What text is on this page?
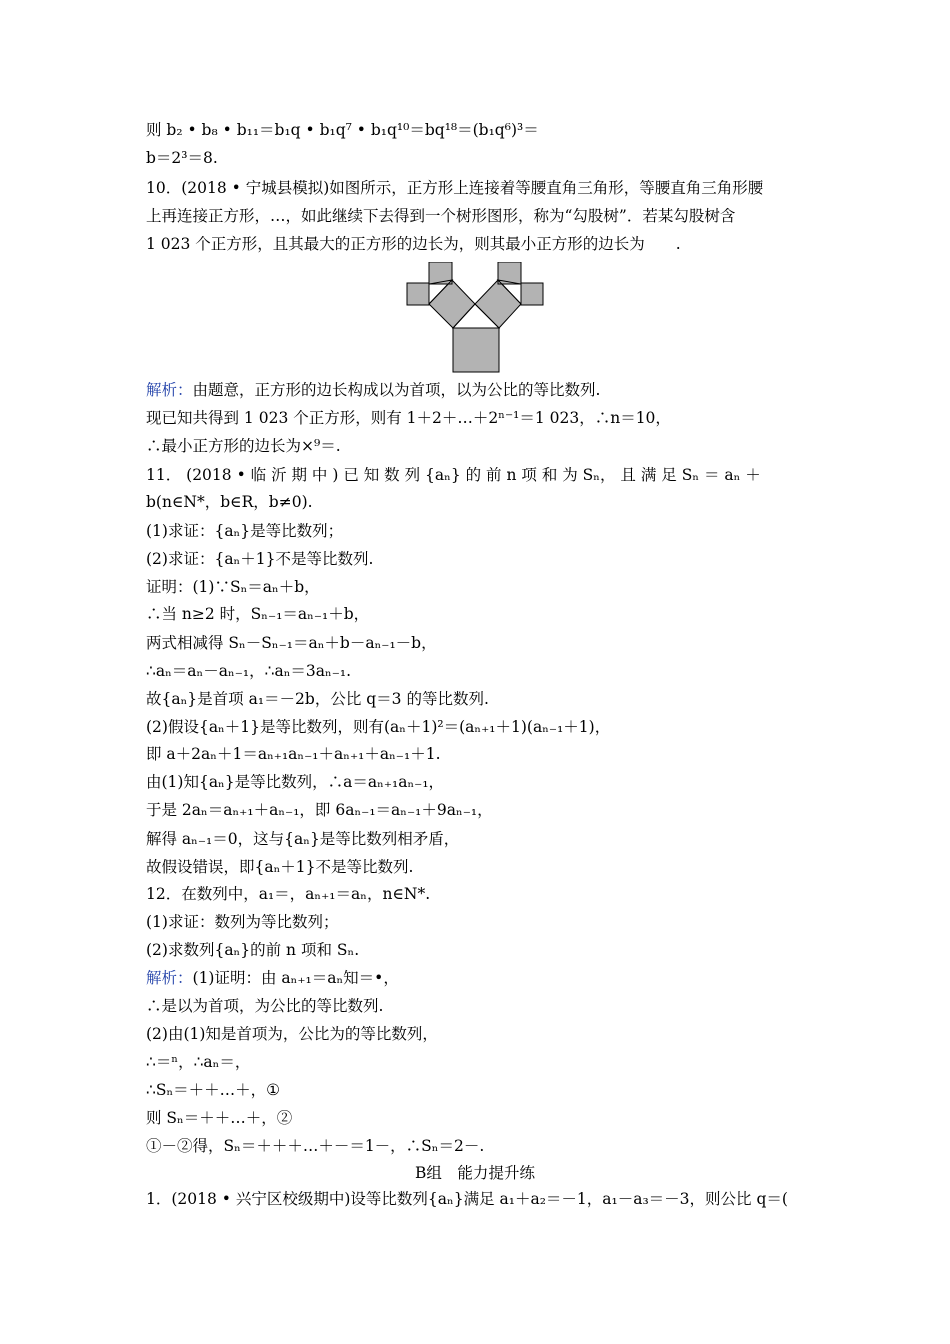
则 b₂ • b₈ • b₁₁＝b₁q • b₁q⁷ • b₁q¹⁰＝bq¹⁸＝(b₁q⁶)³＝
b＝2³＝8.
10．(2018 • 宁城县模拟)如图所示，正方形上连接着等腰直角三角形，等腰直角三角形腰
上再连接正方形，…，如此继续下去得到一个树形图形，称为“勾股树”．若某勾股树含
1 023 个正方形，且其最大的正方形的边长为，则其最小正方形的边长为　　.
解析：由题意，正方形的边长构成以为首项，以为公比的等比数列.
现已知共得到 1 023 个正方形，则有 1＋2＋…＋2ⁿ⁻¹＝1 023，∴n＝10，
∴最小正方形的边长为×⁹＝.
11． (2018 • 临 沂 期 中 ) 已 知 数 列 {aₙ} 的 前 n 项 和 为 Sₙ， 且 满 足 Sₙ ＝ aₙ ＋
b(n∈N*，b∈R，b≠0).
(1)求证：{aₙ}是等比数列；
(2)求证：{aₙ＋1}不是等比数列.
证明：(1)∵Sₙ＝aₙ＋b，
∴当 n≥2 时，Sₙ₋₁＝aₙ₋₁＋b，
两式相减得 Sₙ－Sₙ₋₁＝aₙ＋b－aₙ₋₁－b，
∴aₙ＝aₙ－aₙ₋₁，∴aₙ＝3aₙ₋₁.
故{aₙ}是首项 a₁＝－2b，公比 q＝3 的等比数列.
(2)假设{aₙ＋1}是等比数列，则有(aₙ＋1)²＝(aₙ₊₁＋1)(aₙ₋₁＋1)，
即 a＋2aₙ＋1＝aₙ₊₁aₙ₋₁＋aₙ₊₁＋aₙ₋₁＋1.
由(1)知{aₙ}是等比数列，∴a＝aₙ₊₁aₙ₋₁，
于是 2aₙ＝aₙ₊₁＋aₙ₋₁，即 6aₙ₋₁＝aₙ₋₁＋9aₙ₋₁，
解得 aₙ₋₁＝0，这与{aₙ}是等比数列相矛盾，
故假设错误，即{aₙ＋1}不是等比数列.
12．在数列中，a₁＝，aₙ₊₁＝aₙ，n∈N*.
(1)求证：数列为等比数列；
(2)求数列{aₙ}的前 n 项和 Sₙ.
解析：(1)证明：由 aₙ₊₁＝aₙ知＝•，
∴是以为首项，为公比的等比数列.
(2)由(1)知是首项为，公比为的等比数列，
∴＝ⁿ，∴aₙ＝，
∴Sₙ＝＋＋…＋，①
则 Sₙ＝＋＋…＋，②
①－②得，Sₙ＝＋＋＋…＋－＝1－，∴Sₙ＝2－.
B组　能力提升练
1．(2018 • 兴宁区校级期中)设等比数列{aₙ}满足 a₁＋a₂＝－1，a₁－a₃＝－3，则公比 q＝(
